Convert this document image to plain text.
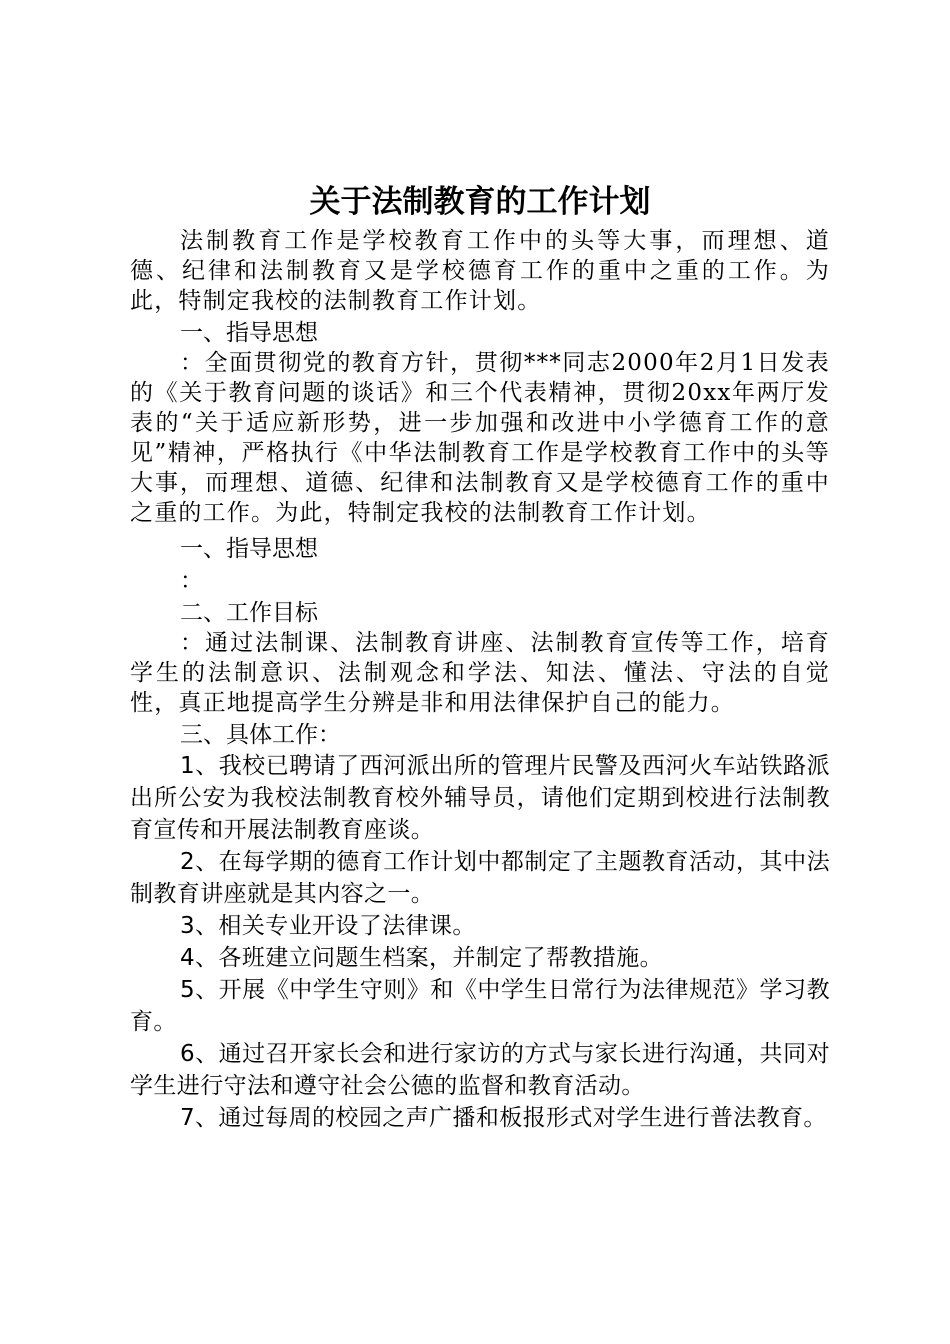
关于法制教育的工作计划

法制教育工作是学校教育工作中的头等大事，而理想、道德、纪律和法制教育又是学校德育工作的重中之重的工作。为此，特制定我校的法制教育工作计划。

一、指导思想

：全面贯彻党的教育方针，贯彻***同志2000年2月1日发表的《关于教育问题的谈话》和三个代表精神，贯彻20xx年两厅发表的“关于适应新形势，进一步加强和改进中小学德育工作的意见”精神，严格执行《中华法制教育工作是学校教育工作中的头等大事，而理想、道德、纪律和法制教育又是学校德育工作的重中之重的工作。为此，特制定我校的法制教育工作计划。

一、指导思想

：

二、工作目标

：通过法制课、法制教育讲座、法制教育宣传等工作，培育学生的法制意识、法制观念和学法、知法、懂法、守法的自觉性，真正地提高学生分辨是非和用法律保护自己的能力。

三、具体工作：

1、我校已聘请了西河派出所的管理片民警及西河火车站铁路派出所公安为我校法制教育校外辅导员，请他们定期到校进行法制教育宣传和开展法制教育座谈。

2、在每学期的德育工作计划中都制定了主题教育活动，其中法制教育讲座就是其内容之一。

3、相关专业开设了法律课。

4、各班建立问题生档案，并制定了帮教措施。

5、开展《中学生守则》和《中学生日常行为法律规范》学习教育。

6、通过召开家长会和进行家访的方式与家长进行沟通，共同对学生进行守法和遵守社会公德的监督和教育活动。

7、通过每周的校园之声广播和板报形式对学生进行普法教育。
